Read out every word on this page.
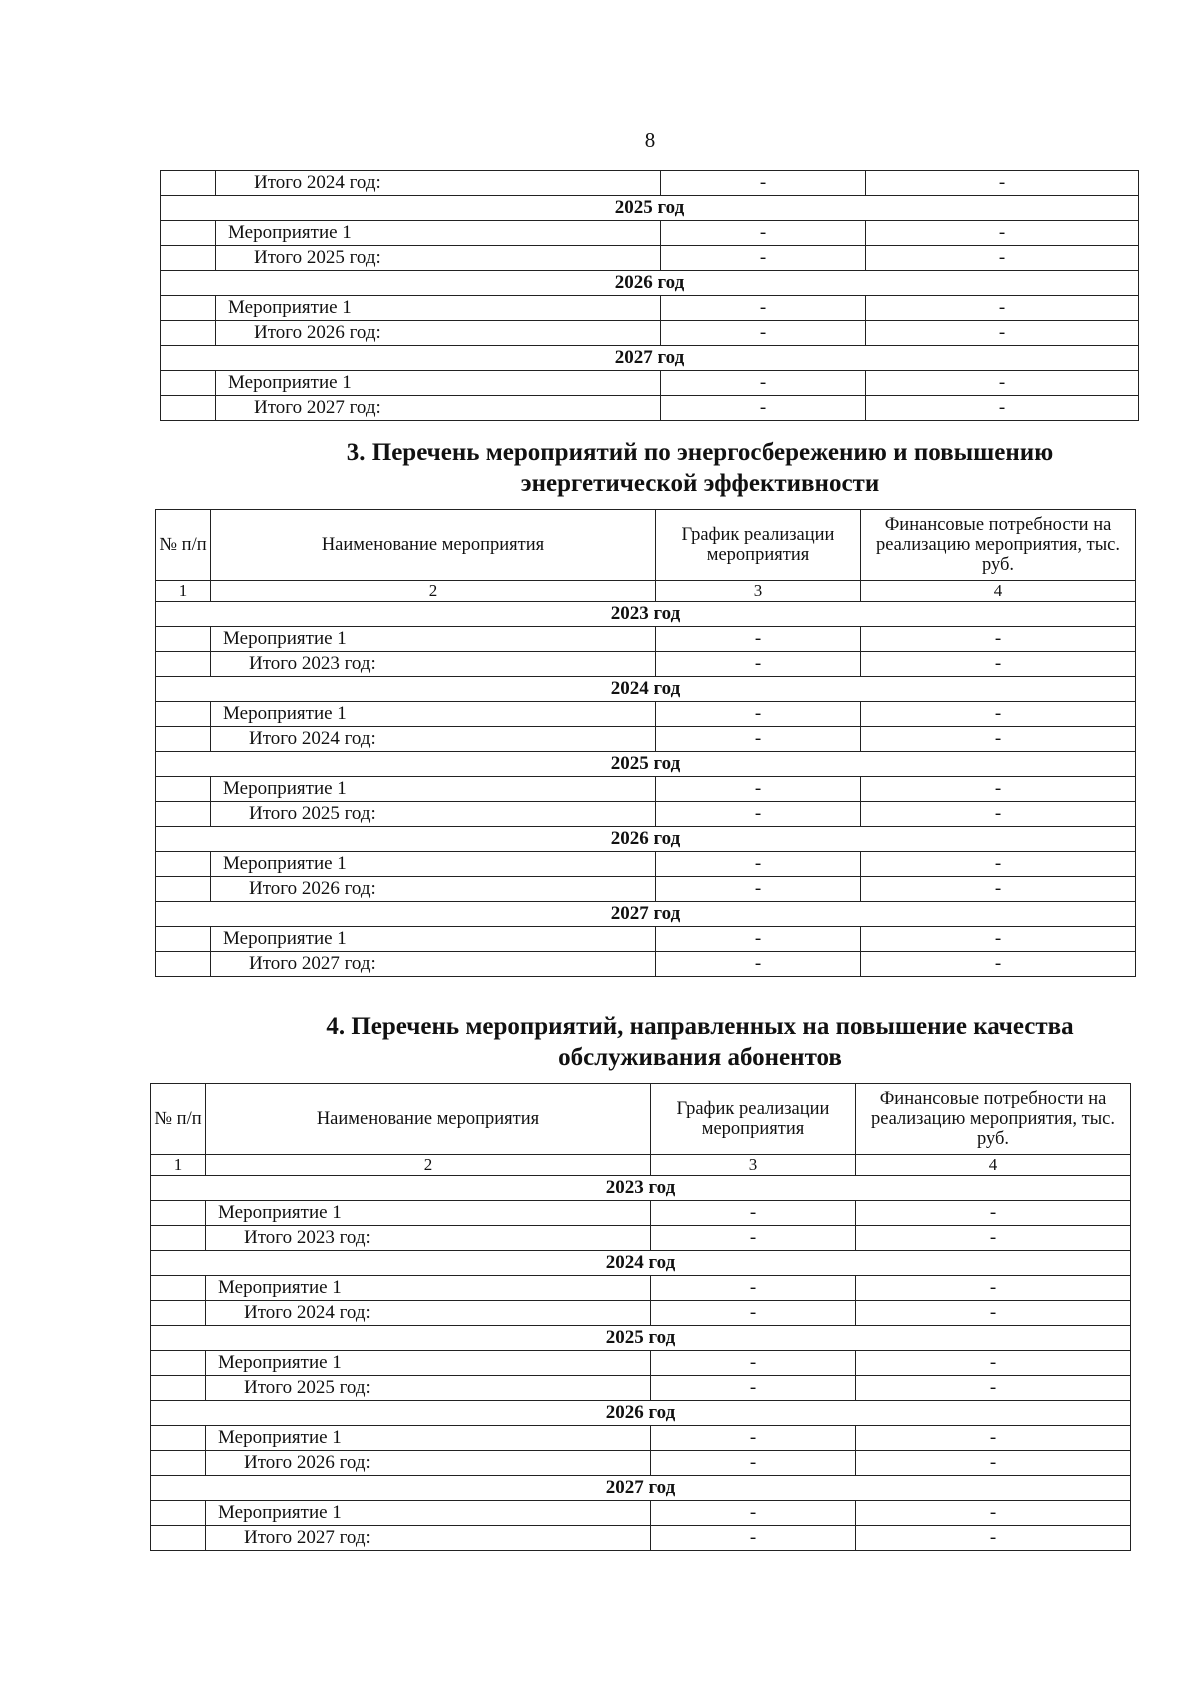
8
	Итого 2024 год:	-	-
2025 год			
	Мероприятие 1	-	-
	Итого 2025 год:	-	-
2026 год			
	Мероприятие 1	-	-
	Итого 2026 год:	-	-
2027 год			
	Мероприятие 1	-	-
	Итого 2027 год:	-	-
3. Перечень мероприятий по энергосбережению и повышению
энергетической эффективности
№ п/п	Наименование мероприятия	График реализации мероприятия	Финансовые потребности на реализацию мероприятия, тыс. руб.
1	2	3	4
2023 год			
	Мероприятие 1	-	-
	Итого 2023 год:	-	-
2024 год			
	Мероприятие 1	-	-
	Итого 2024 год:	-	-
2025 год			
	Мероприятие 1	-	-
	Итого 2025 год:	-	-
2026 год			
	Мероприятие 1	-	-
	Итого 2026 год:	-	-
2027 год			
	Мероприятие 1	-	-
	Итого 2027 год:	-	-
4. Перечень мероприятий, направленных на повышение качества
обслуживания абонентов
№ п/п	Наименование мероприятия	График реализации мероприятия	Финансовые потребности на реализацию мероприятия, тыс. руб.
1	2	3	4
2023 год			
	Мероприятие 1	-	-
	Итого 2023 год:	-	-
2024 год			
	Мероприятие 1	-	-
	Итого 2024 год:	-	-
2025 год			
	Мероприятие 1	-	-
	Итого 2025 год:	-	-
2026 год			
	Мероприятие 1	-	-
	Итого 2026 год:	-	-
2027 год			
	Мероприятие 1	-	-
	Итого 2027 год:	-	-
